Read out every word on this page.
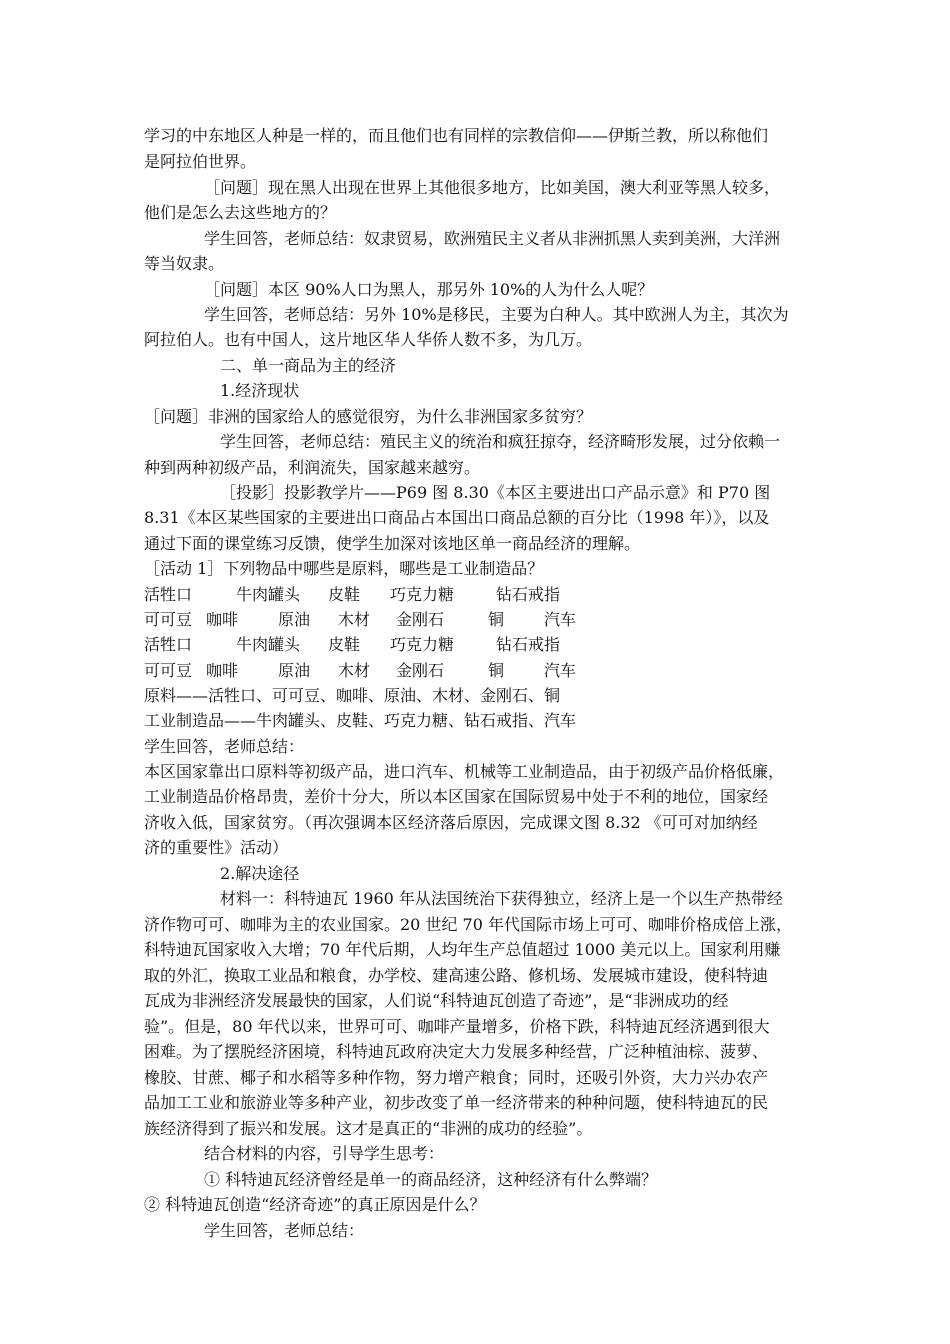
学习的中东地区人种是一样的，而且他们也有同样的宗教信仰——伊斯兰教，所以称他们
是阿拉伯世界。
［问题］现在黑人出现在世界上其他很多地方，比如美国，澳大利亚等黑人较多，
他们是怎么去这些地方的？
学生回答，老师总结：奴隶贸易，欧洲殖民主义者从非洲抓黑人卖到美洲，大洋洲
等当奴隶。
［问题］本区 90%人口为黑人，那另外 10%的人为什么人呢？
学生回答，老师总结：另外 10%是移民，主要为白种人。其中欧洲人为主，其次为
阿拉伯人。也有中国人，这片地区华人华侨人数不多，为几万。
二、单一商品为主的经济
1.经济现状
［问题］非洲的国家给人的感觉很穷，为什么非洲国家多贫穷？
学生回答，老师总结：殖民主义的统治和疯狂掠夺，经济畸形发展，过分依赖一
种到两种初级产品，利润流失，国家越来越穷。
［投影］投影教学片——P69 图 8.30《本区主要进出口产品示意》和 P70 图
8.31《本区某些国家的主要进出口商品占本国出口商品总额的百分比（1998 年）》，以及
通过下面的课堂练习反馈，使学生加深对该地区单一商品经济的理解。
［活动 1］下列物品中哪些是原料，哪些是工业制造品？
活牲口	牛肉罐头 皮鞋 巧克力糖	钻石戒指
可可豆 咖啡 原油 木材 金刚石	铜 汽车
活牲口	牛肉罐头 皮鞋 巧克力糖	钻石戒指
可可豆 咖啡 原油 木材 金刚石	铜 汽车
原料——活牲口、可可豆、咖啡、原油、木材、金刚石、铜
工业制造品——牛肉罐头、皮鞋、巧克力糖、钻石戒指、汽车
学生回答，老师总结：
本区国家靠出口原料等初级产品，进口汽车、机械等工业制造品，由于初级产品价格低廉，
工业制造品价格昂贵，差价十分大，所以本区国家在国际贸易中处于不利的地位，国家经
济收入低，国家贫穷。（再次强调本区经济落后原因，完成课文图 8.32 《可可对加纳经
济的重要性》活动）
2.解决途径
材料一：科特迪瓦 1960 年从法国统治下获得独立，经济上是一个以生产热带经
济作物可可、咖啡为主的农业国家。20 世纪 70 年代国际市场上可可、咖啡价格成倍上涨，
科特迪瓦国家收入大增；70 年代后期，人均年生产总值超过 1000 美元以上。国家利用赚
取的外汇，换取工业品和粮食，办学校、建高速公路、修机场、发展城市建设，使科特迪
瓦成为非洲经济发展最快的国家，人们说“科特迪瓦创造了奇迹”，是“非洲成功的经
验”。但是，80 年代以来，世界可可、咖啡产量增多，价格下跌，科特迪瓦经济遇到很大
困难。为了摆脱经济困境，科特迪瓦政府决定大力发展多种经营，广泛种植油棕、菠萝、
橡胶、甘蔗、椰子和水稻等多种作物，努力增产粮食；同时，还吸引外资，大力兴办农产
品加工工业和旅游业等多种产业，初步改变了单一经济带来的种种问题，使科特迪瓦的民
族经济得到了振兴和发展。这才是真正的“非洲的成功的经验”。
结合材料的内容，引导学生思考：
① 科特迪瓦经济曾经是单一的商品经济，这种经济有什么弊端？
② 科特迪瓦创造“经济奇迹”的真正原因是什么？
学生回答，老师总结：
